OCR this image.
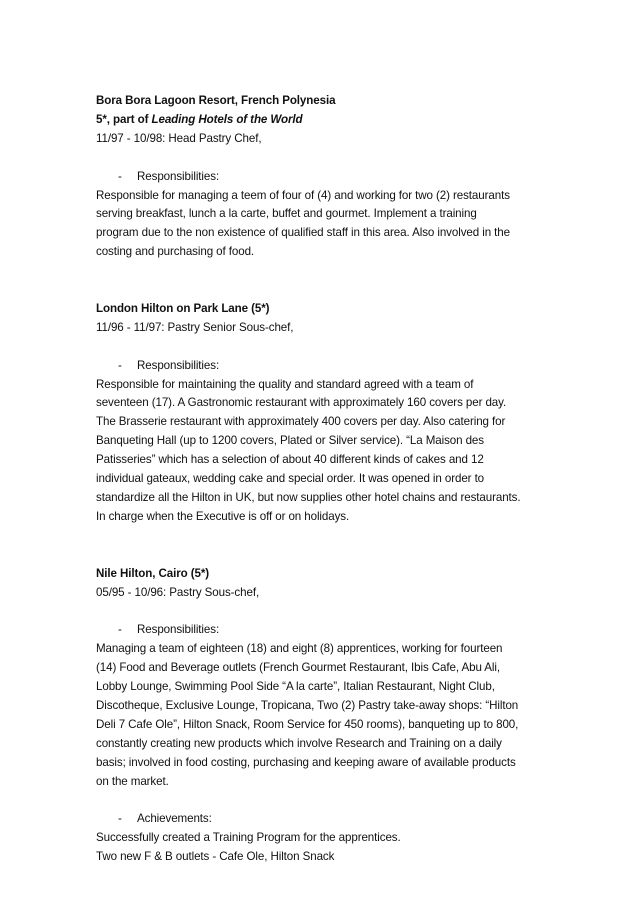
Bora Bora Lagoon Resort, French Polynesia
5*, part of Leading Hotels of the World
11/97 - 10/98: Head Pastry Chef,
- Responsibilities:
Responsible for managing a teem of four of (4) and working for two (2) restaurants
serving breakfast, lunch a la carte, buffet and gourmet. Implement a training
program due to the non existence of qualified staff in this area. Also involved in the
costing and purchasing of food.
London Hilton on Park Lane (5*)
11/96 - 11/97: Pastry Senior Sous-chef,
- Responsibilities:
Responsible for maintaining the quality and standard agreed with a team of
seventeen (17). A Gastronomic restaurant with approximately 160 covers per day.
The Brasserie restaurant with approximately 400 covers per day. Also catering for
Banqueting Hall (up to 1200 covers, Plated or Silver service). “La Maison des
Patisseries” which has a selection of about 40 different kinds of cakes and 12
individual gateaux, wedding cake and special order. It was opened in order to
standardize all the Hilton in UK, but now supplies other hotel chains and restaurants.
In charge when the Executive is off or on holidays.
Nile Hilton, Cairo (5*)
05/95 - 10/96: Pastry Sous-chef,
- Responsibilities:
Managing a team of eighteen (18) and eight (8) apprentices, working for fourteen
(14) Food and Beverage outlets (French Gourmet Restaurant, Ibis Cafe, Abu Ali,
Lobby Lounge, Swimming Pool Side “A la carte”, Italian Restaurant, Night Club,
Discotheque, Exclusive Lounge, Tropicana, Two (2) Pastry take-away shops: “Hilton
Deli 7 Cafe Ole”, Hilton Snack, Room Service for 450 rooms), banqueting up to 800,
constantly creating new products which involve Research and Training on a daily
basis; involved in food costing, purchasing and keeping aware of available products
on the market.
- Achievements:
Successfully created a Training Program for the apprentices.
Two new F & B outlets - Cafe Ole, Hilton Snack
